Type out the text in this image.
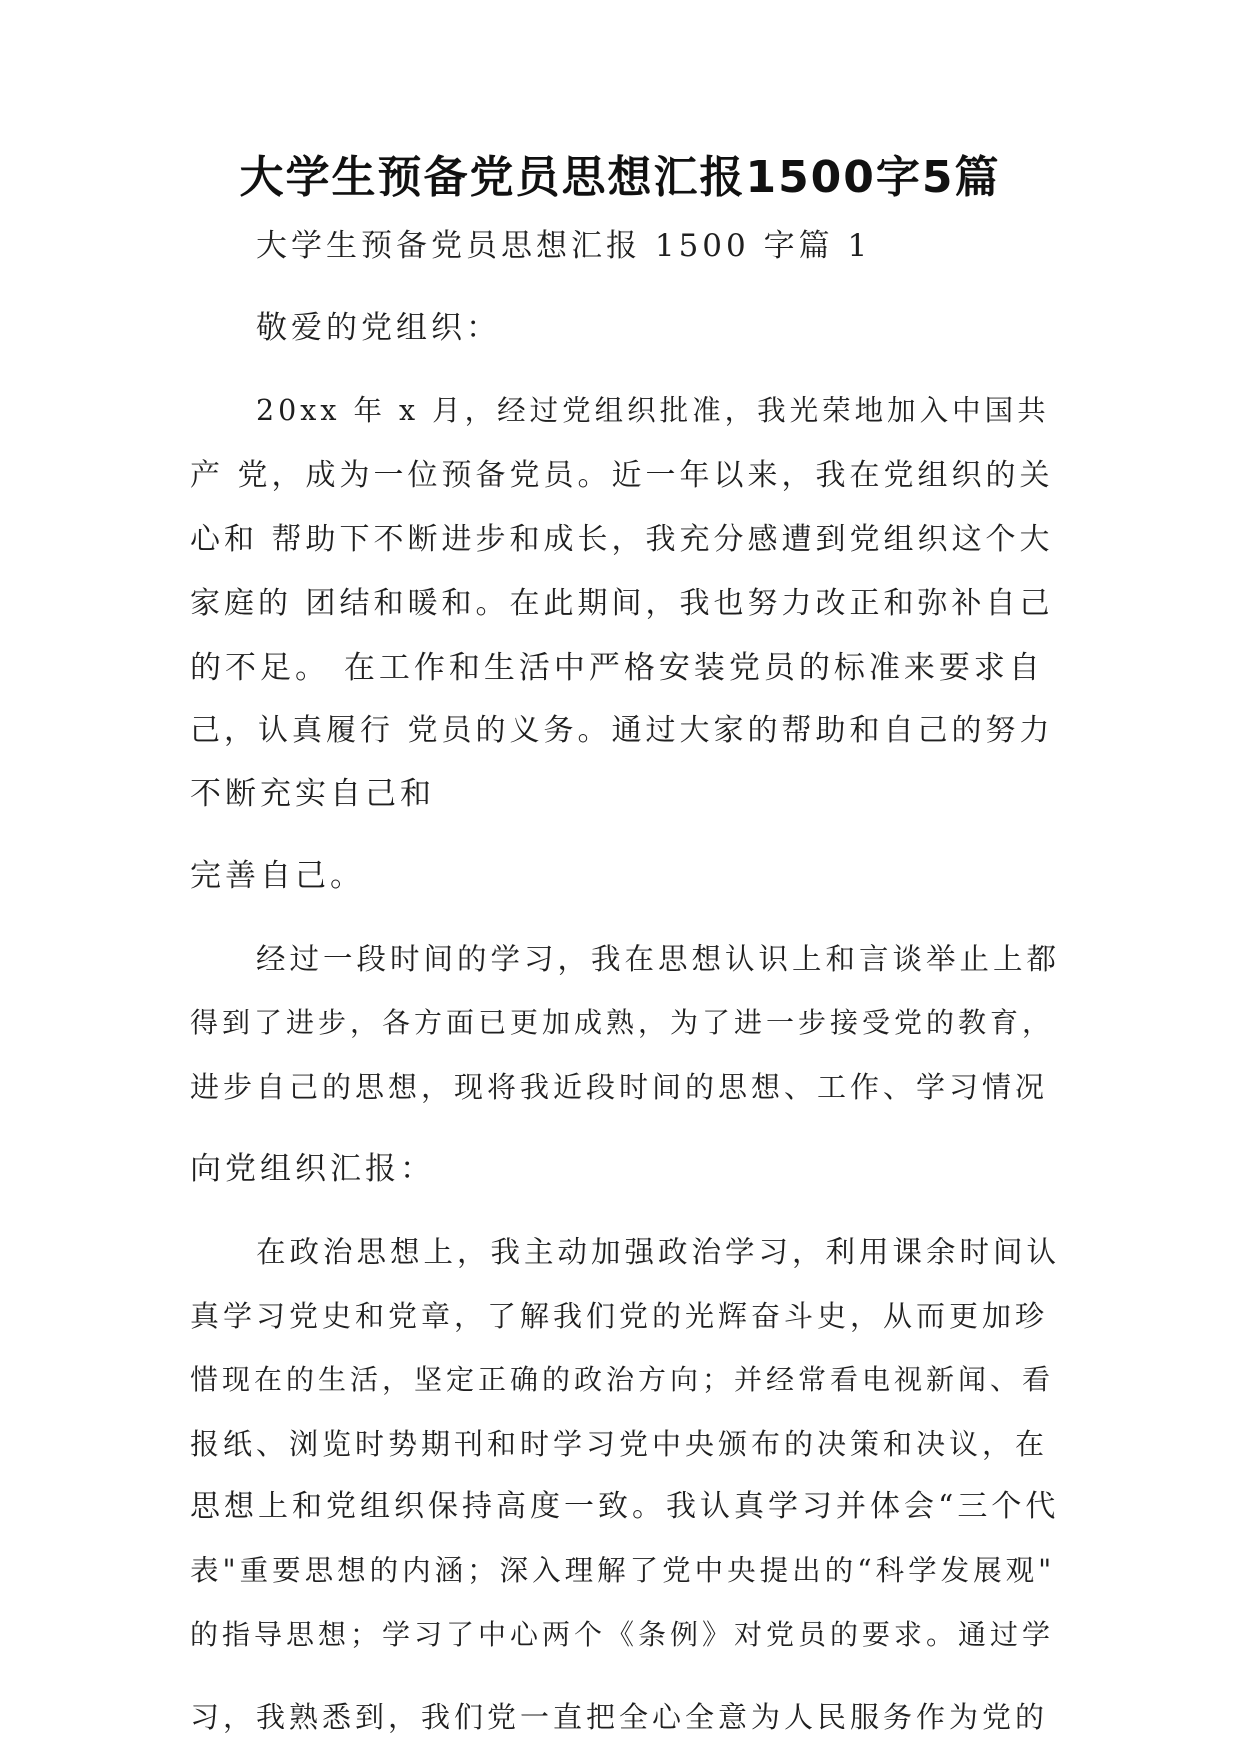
大学生预备党员思想汇报1500字5篇
大学生预备党员思想汇报 1500 字篇 1
敬爱的党组织：
20xx 年 x 月，经过党组织批准，我光荣地加入中国共
产 党，成为一位预备党员。近一年以来，我在党组织的关
心和 帮助下不断进步和成长，我充分感遭到党组织这个大
家庭的 团结和暖和。在此期间，我也努力改正和弥补自己
的不足。 在工作和生活中严格安装党员的标准来要求自
己，认真履行 党员的义务。通过大家的帮助和自己的努力
不断充实自己和
完善自己。
经过一段时间的学习，我在思想认识上和言谈举止上都
得到了进步，各方面已更加成熟，为了进一步接受党的教育，
进步自己的思想，现将我近段时间的思想、工作、学习情况
向党组织汇报：
在政治思想上，我主动加强政治学习，利用课余时间认
真学习党史和党章，了解我们党的光辉奋斗史，从而更加珍
惜现在的生活，坚定正确的政治方向；并经常看电视新闻、看
报纸、浏览时势期刊和时学习党中央颁布的决策和决议，在
思想上和党组织保持高度一致。我认真学习并体会“三个代
表"重要思想的内涵；深入理解了党中央提出的“科学发展观"
的指导思想；学习了中心两个《条例》对党员的要求。通过学
习，我熟悉到，我们党一直把全心全意为人民服务作为党的
